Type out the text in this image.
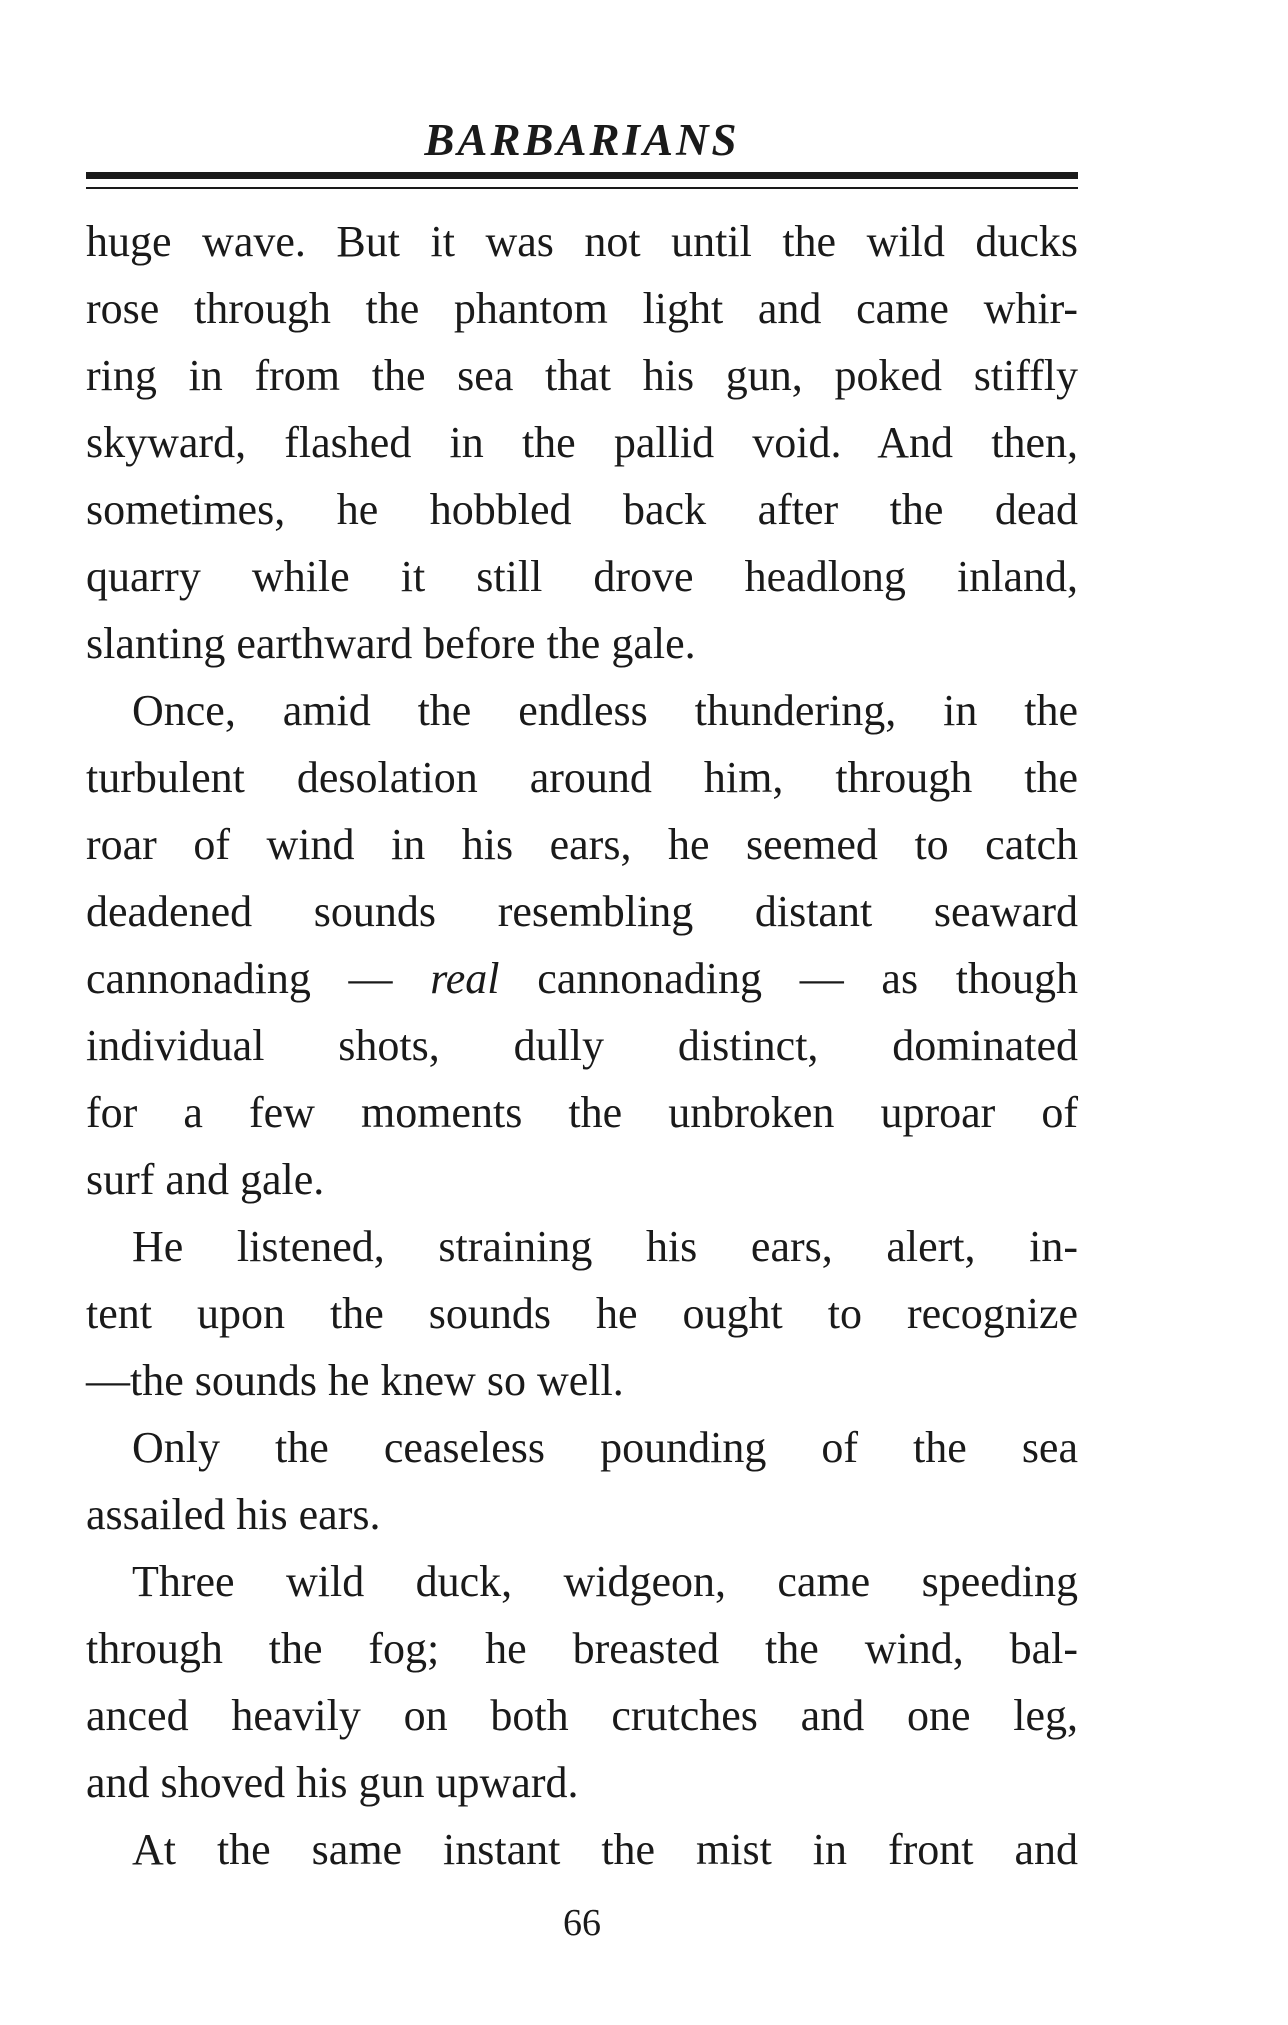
BARBARIANS
huge wave. But it was not until the wild ducks
rose through the phantom light and came whir-
ring in from the sea that his gun, poked stiffly
skyward, flashed in the pallid void. And then,
sometimes, he hobbled back after the dead
quarry while it still drove headlong inland,
slanting earthward before the gale.
Once, amid the endless thundering, in the
turbulent desolation around him, through the
roar of wind in his ears, he seemed to catch
deadened sounds resembling distant seaward
cannonading — real cannonading — as though
individual shots, dully distinct, dominated
for a few moments the unbroken uproar of
surf and gale.
He listened, straining his ears, alert, in-
tent upon the sounds he ought to recognize
—the sounds he knew so well.
Only the ceaseless pounding of the sea
assailed his ears.
Three wild duck, widgeon, came speeding
through the fog; he breasted the wind, bal-
anced heavily on both crutches and one leg,
and shoved his gun upward.
At the same instant the mist in front and
66
